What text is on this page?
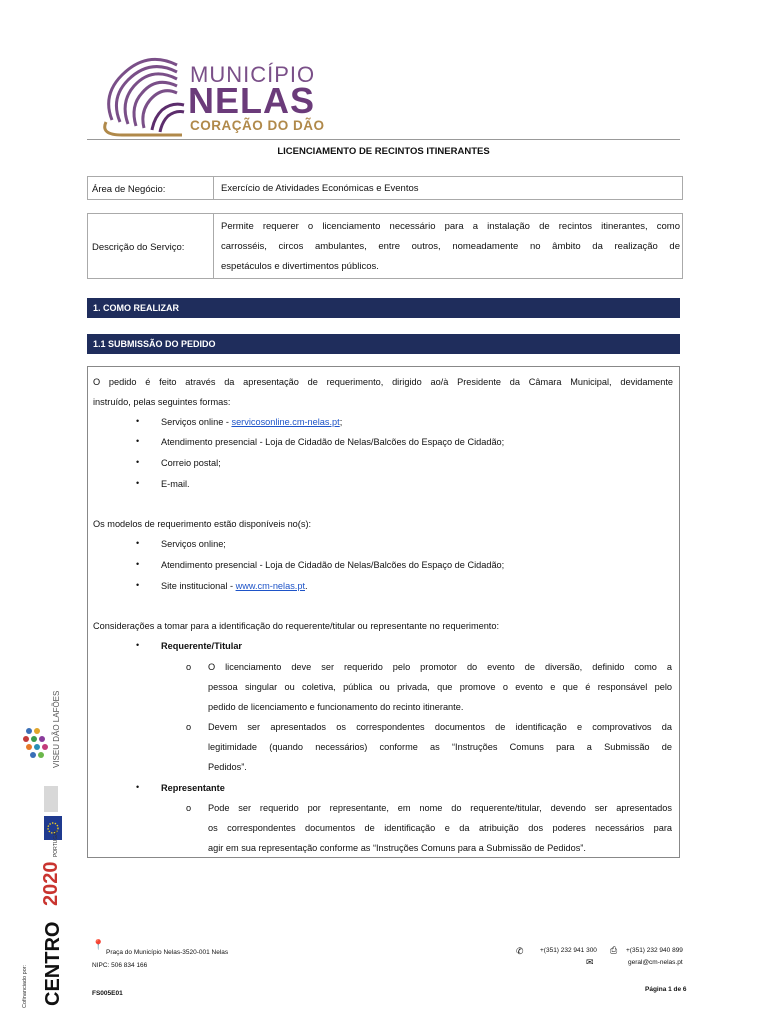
MUNICÍPIO
NELAS
CORAÇÃO DO DÃO
LICENCIAMENTO DE RECINTOS ITINERANTES
Área de Negócio:	Exercício de Atividades Económicas e Eventos
Descrição do Serviço:
Permite requerer o licenciamento necessário para a instalação de recintos itinerantes, como
carrosséis, circos ambulantes, entre outros, nomeadamente no âmbito da realização de
espetáculos e divertimentos públicos.
1. COMO REALIZAR
1.1 SUBMISSÃO DO PEDIDO
O pedido é feito através da apresentação de requerimento, dirigido ao/à Presidente da Câmara Municipal, devidamente
instruído, pelas seguintes formas:
• Serviços online - servicosonline.cm-nelas.pt;
• Atendimento presencial - Loja de Cidadão de Nelas/Balcões do Espaço de Cidadão;
• Correio postal;
• E-mail.
Os modelos de requerimento estão disponíveis no(s):
• Serviços online;
• Atendimento presencial - Loja de Cidadão de Nelas/Balcões do Espaço de Cidadão;
• Site institucional - www.cm-nelas.pt.
Considerações a tomar para a identificação do requerente/titular ou representante no requerimento:
• Requerente/Titular
o O licenciamento deve ser requerido pelo promotor do evento de diversão, definido como a
pessoa singular ou coletiva, pública ou privada, que promove o evento e que é responsável pelo
pedido de licenciamento e funcionamento do recinto itinerante.
o Devem ser apresentados os correspondentes documentos de identificação e comprovativos da
legitimidade (quando necessários) conforme as “Instruções Comuns para a Submissão de
Pedidos”.
• Representante
o Pode ser requerido por representante, em nome do requerente/titular, devendo ser apresentados
os correspondentes documentos de identificação e da atribuição dos poderes necessários para
agir em sua representação conforme as “Instruções Comuns para a Submissão de Pedidos”.
VISEU DÃO LAFÕES
2020 PORTUGAL
CENTRO
Cofinanciado por:
📍
Praça do Município Nelas-3520-001 Nelas
NIPC: 506 834 166
✆	+(351) 232 941 300 ⎙ +(351) 232 940 899
✉	geral@cm-nelas.pt
FS005E01
Página 1 de 6
